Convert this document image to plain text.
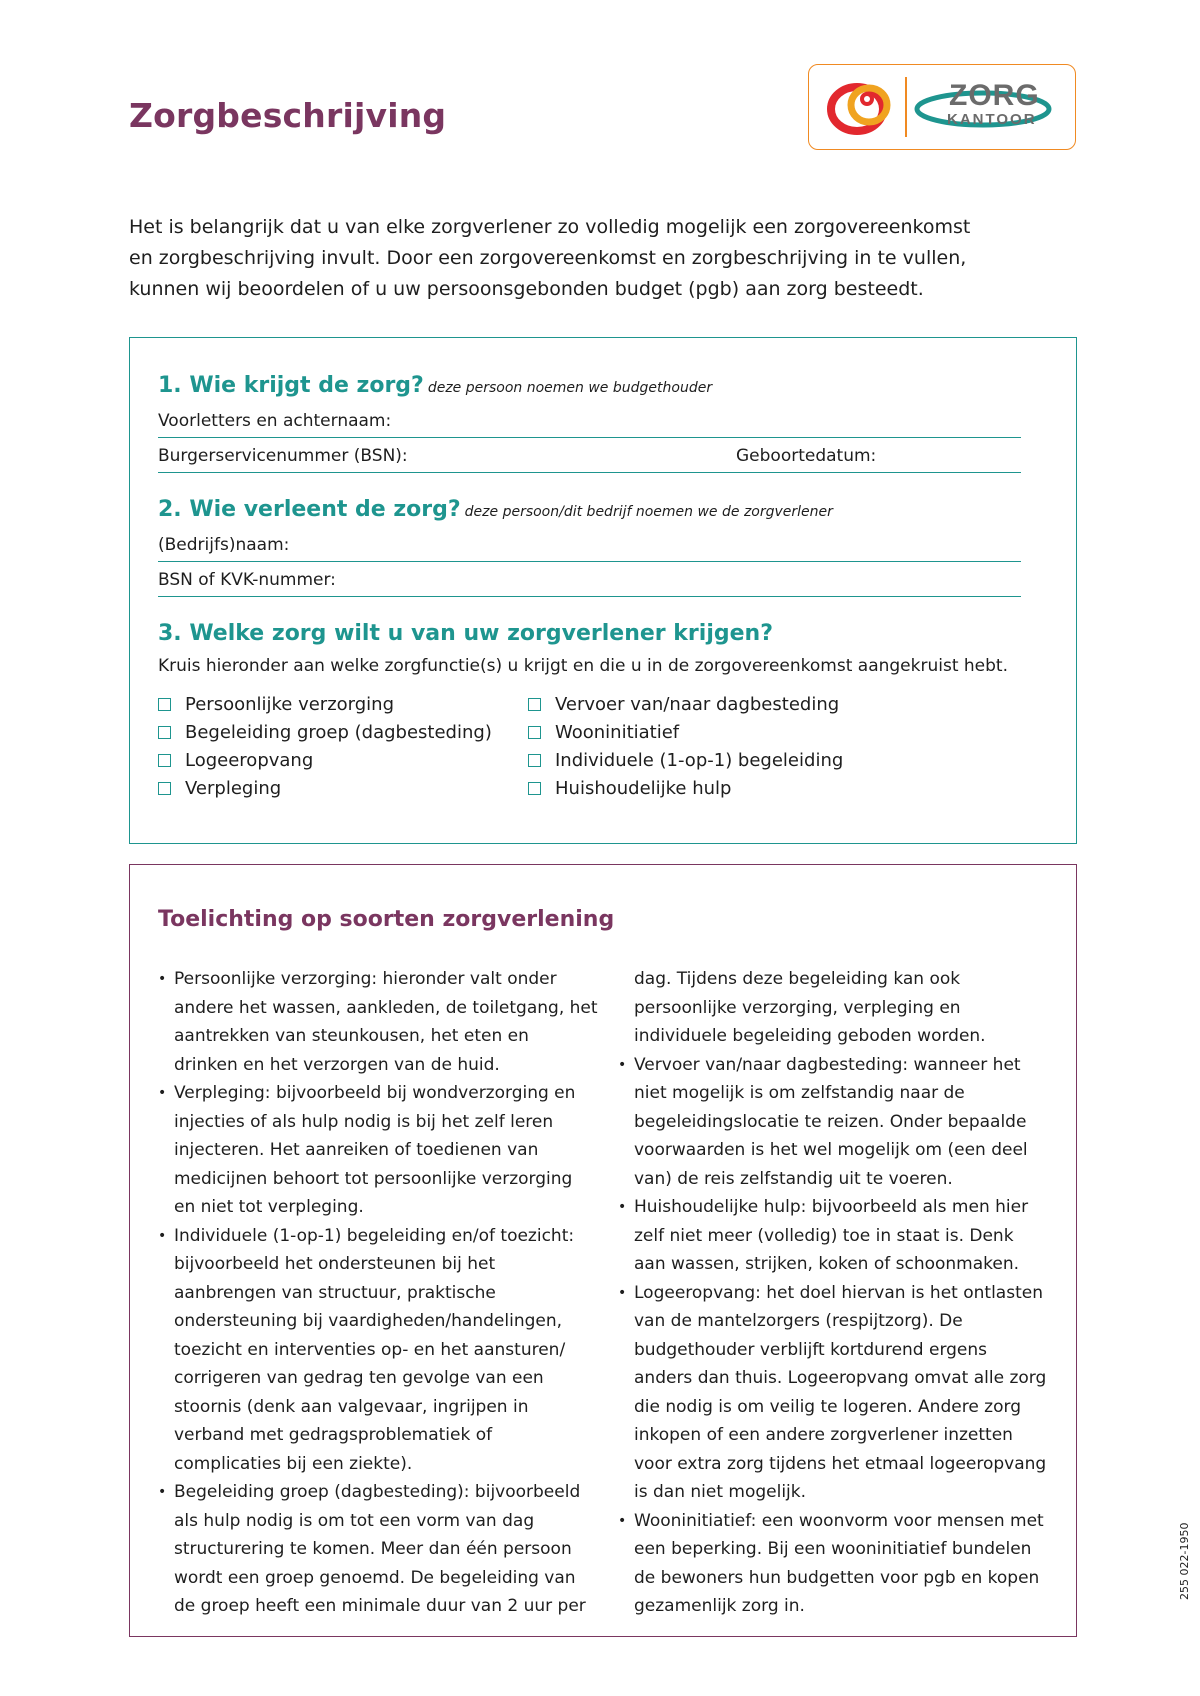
Zorgbeschrijving
ZORG
KANTOOR

Het is belangrijk dat u van elke zorgverlener zo volledig mogelijk een zorgovereenkomst

en zorgbeschrijving invult. Door een zorgovereenkomst en zorgbeschrijving in te vullen,

kunnen wij beoordelen of u uw persoonsgebonden budget (pgb) aan zorg besteedt.

1. Wie krijgt de zorg? deze persoon noemen we budgethouder
Voorletters en achternaam:
Burgerservicenummer (BSN):	Geboortedatum:
2. Wie verleent de zorg? deze persoon/dit bedrijf noemen we de zorgverlener
(Bedrijfs)naam:
BSN of KVK-nummer:
3. Welke zorg wilt u van uw zorgverlener krijgen?
Kruis hieronder aan welke zorgfunctie(s) u krijgt en die u in de zorgovereenkomst aangekruist hebt.
Persoonlijke verzorging
Begeleiding groep (dagbesteding)
Logeeropvang
Verpleging
Vervoer van/naar dagbesteding
Wooninitiatief
Individuele (1-op-1) begeleiding
Huishoudelijke hulp
Toelichting op soorten zorgverlening
• Persoonlijke verzorging: hieronder valt onder andere het wassen, aankleden, de toiletgang, het aantrekken van steunkousen, het eten en drinken en het verzorgen van de huid.
• Verpleging: bijvoorbeeld bij wondverzorging en injecties of als hulp nodig is bij het zelf leren injecteren. Het aanreiken of toedienen van medicijnen behoort tot persoonlijke verzorging en niet tot verpleging.
• Individuele (1-op-1) begeleiding en/of toezicht: bijvoorbeeld het ondersteunen bij het aanbrengen van structuur, praktische ondersteuning bij vaardigheden/handelingen, toezicht en interventies op- en het aansturen/ corrigeren van gedrag ten gevolge van een stoornis (denk aan valgevaar, ingrijpen in verband met gedragsproblematiek of complicaties bij een ziekte).
• Begeleiding groep (dagbesteding): bijvoorbeeld als hulp nodig is om tot een vorm van dag structurering te komen. Meer dan één persoon wordt een groep genoemd. De begeleiding van de groep heeft een minimale duur van 2 uur per

dag. Tijdens deze begeleiding kan ook persoonlijke verzorging, verpleging en individuele begeleiding geboden worden.

• Vervoer van/naar dagbesteding: wanneer het niet mogelijk is om zelfstandig naar de begeleidingslocatie te reizen. Onder bepaalde voorwaarden is het wel mogelijk om (een deel van) de reis zelfstandig uit te voeren.
• Huishoudelijke hulp: bijvoorbeeld als men hier zelf niet meer (volledig) toe in staat is. Denk aan wassen, strijken, koken of schoonmaken.
• Logeeropvang: het doel hiervan is het ontlasten van de mantelzorgers (respijtzorg). De budgethouder verblijft kortdurend ergens anders dan thuis. Logeeropvang omvat alle zorg die nodig is om veilig te logeren. Andere zorg inkopen of een andere zorgverlener inzetten voor extra zorg tijdens het etmaal logeeropvang is dan niet mogelijk.
• Wooninitiatief: een woonvorm voor mensen met een beperking. Bij een wooninitiatief bundelen de bewoners hun budgetten voor pgb en kopen gezamenlijk zorg in.
255 022-1950
